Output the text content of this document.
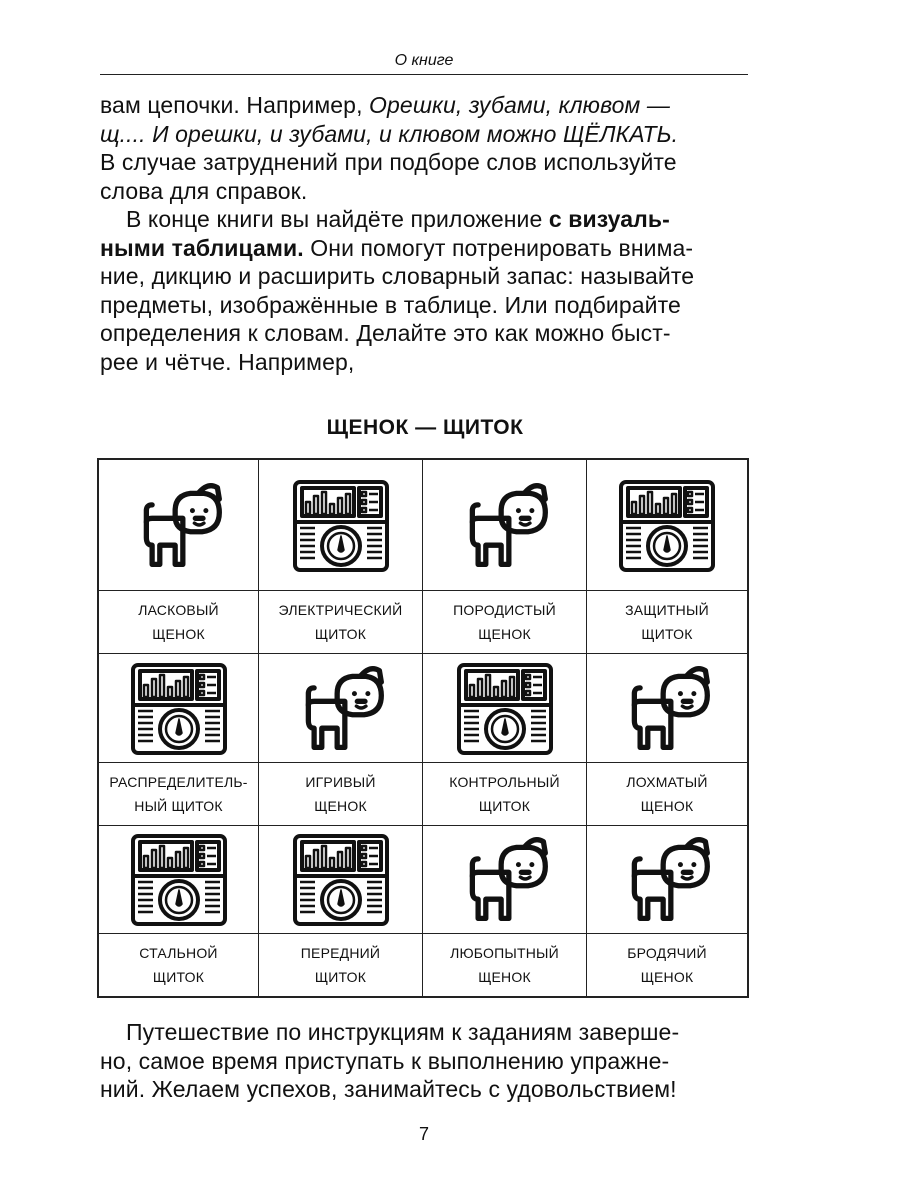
О книге
вам цепочки. Например, Орешки, зубами, клювом —
щ.... И орешки, и зубами, и клювом можно ЩЁЛКАТЬ.
В случае затруднений при подборе слов используйте
слова для справок.
В конце книги вы найдёте приложение с визуаль-
ными таблицами. Они помогут потренировать внима-
ние, дикцию и расширить словарный запас: называйте
предметы, изображённые в таблице. Или подбирайте
определения к словам. Делайте это как можно быст-
рее и чётче. Например,
ЩЕНОК — ЩИТОК
ЛАСКОВЫЙ
ЩЕНОК
ЭЛЕКТРИЧЕСКИЙ
ЩИТОК
ПОРОДИСТЫЙ
ЩЕНОК
ЗАЩИТНЫЙ
ЩИТОК
РАСПРЕДЕЛИТЕЛЬ-
НЫЙ ЩИТОК
ИГРИВЫЙ
ЩЕНОК
КОНТРОЛЬНЫЙ
ЩИТОК
ЛОХМАТЫЙ
ЩЕНОК
СТАЛЬНОЙ
ЩИТОК
ПЕРЕДНИЙ
ЩИТОК
ЛЮБОПЫТНЫЙ
ЩЕНОК
БРОДЯЧИЙ
ЩЕНОК
Путешествие по инструкциям к заданиям заверше-
но, самое время приступать к выполнению упражне-
ний. Желаем успехов, занимайтесь с удовольствием!
7
